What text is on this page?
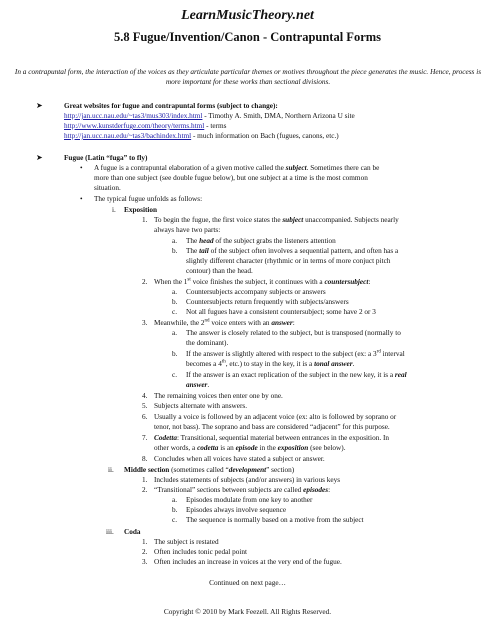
LearnMusicTheory.net
5.8 Fugue/Invention/Canon - Contrapuntal Forms
In a contrapuntal form, the interaction of the voices as they articulate particular themes or motives throughout the piece generates the music. Hence, process is more important for these works than sectional divisions.
➤	Great websites for fugue and contrapuntal forms (subject to change):
http://jan.ucc.nau.edu/~tas3/mus303/index.html - Timothy A. Smith, DMA, Northern Arizona U site
http://www.kunstderfuge.com/theory/terms.html - terms
http://jan.ucc.nau.edu/~tas3/bachindex.html - much information on Bach (fugues, canons, etc.)
➤	Fugue (Latin “fuga” to fly)
• A fugue is a contrapuntal elaboration of a given motive called the subject. Sometimes there can be
more than one subject (see double fugue below), but one subject at a time is the most common
situation.
• The typical fugue unfolds as follows:
i. Exposition
1. To begin the fugue, the first voice states the subject unaccompanied. Subjects nearly
always have two parts:
a. The head of the subject grabs the listeners attention
b. The tail of the subject often involves a sequential pattern, and often has a
slightly different character (rhythmic or in terms of more conjuct pitch
contour) than the head.
2. When the 1st voice finishes the subject, it continues with a countersubject:
a. Countersubjects accompany subjects or answers
b. Countersubjects return frequently with subjects/answers
c. Not all fugues have a consistent countersubject; some have 2 or 3
3. Meanwhile, the 2nd voice enters with an answer:
a. The answer is closely related to the subject, but is transposed (normally to
the dominant).
b. If the answer is slightly altered with respect to the subject (ex: a 3rd interval
becomes a 4th, etc.) to stay in the key, it is a tonal answer.
c. If the answer is an exact replication of the subject in the new key, it is a real
answer.
4. The remaining voices then enter one by one.
5. Subjects alternate with answers.
6. Usually a voice is followed by an adjacent voice (ex: alto is followed by soprano or
tenor, not bass). The soprano and bass are considered “adjacent” for this purpose.
7. Codetta: Transitional, sequential material between entrances in the exposition. In
other words, a codetta is an episode in the exposition (see below).
8. Concludes when all voices have stated a subject or answer.
ii. Middle section (sometimes called “development” section)
1. Includes statements of subjects (and/or answers) in various keys
2. “Transitional” sections between subjects are called episodes:
a. Episodes modulate from one key to another
b. Episodes always involve sequence
c. The sequence is normally based on a motive from the subject
iii. Coda
1. The subject is restated
2. Often includes tonic pedal point
3. Often includes an increase in voices at the very end of the fugue.
Continued on next page…
Copyright © 2010 by Mark Feezell. All Rights Reserved.
